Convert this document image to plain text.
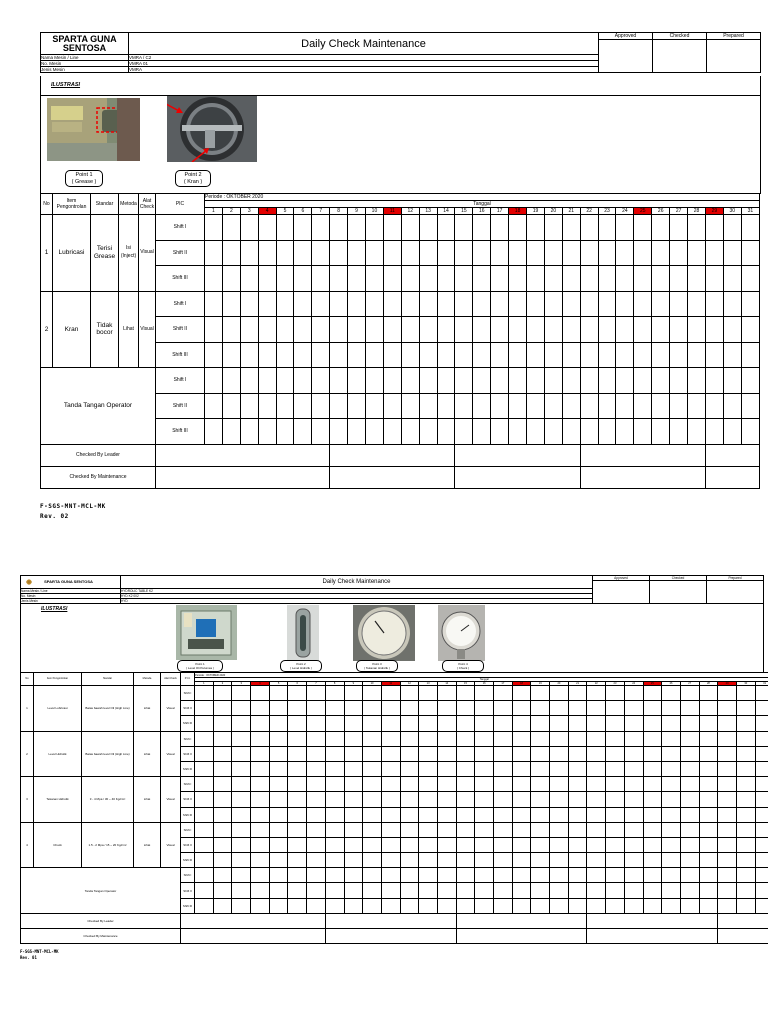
SPARTA GUNA SENTOSA	Daily Check Maintenance	Approved	Checked	Prepared

Nama Mesin / Line	VMRA / C2			
No. Mesin	VMRA 01			
Jenis Mesin	VMRA			
ILUSTRASI
Point 1
( Grease )
Point 2
( Kran )
No	Item Pengontrolan	Standar	Metoda	Alat Check	PIC	Periode : OKTOBER 2020																														
						Tanggal																														
						1	2	3	4	5	6	7	8	9	10	11	12	13	14	15	16	17	18	19	20	21	22	23	24	25	26	27	28	29	30	31
1	Lubricasi	Terisi Grease	Isi (Inject)	Visual	Shift I																															
					Shift II																															
					Shift III																															
2	Kran	Tidak bocor	Lihat	Visual	Shift I																															
					Shift II																															
					Shift III																															
Tanda Tangan Operator					Shift I																															
					Shift II																															
					Shift III																															
Checked By Leader																																				
Checked By Maintenance																																				
F-SGS-MNT-MCL-MK
Rev. 02
SPARTA GUNA SENTOSA	Daily Check Maintenance	Approved	Checked	Prepared

Nama Mesin / Line	HYDROLIC TABLE K2			
No. Mesin	HYD K2 002			
Jenis Mesin	HYD			
ILUSTRASI
Point 1
( Level Oli Pelumas )
Point 2
( Level Hidrolik )
Point 3
( Tekanan Hidrolik )
Point 4
( Chuck )
No	Item Pengontrolan	Standar	Metoda	Alat Check	P.I.C	Periode : OKTOBER 2020																														
						Tanggal																														
						1	2	3	4	5	6	7	8	9	10	11	12	13	14	15	16	17	18	19	20	21	22	23	24	25	26	27	28	29	30	31
1	Level Lubricasi	Batas bawah level Oli (High Line)	Lihat	Visual	Shift I																															
					Shift II																															
					Shift III																															
2	Level Hidrolik	Batas bawah level Oli (High Line)	Lihat	Visual	Shift I																															
					Shift II																															
					Shift III																															
3	Tekanan Hidrolik	3 - 4 Mpa / 30 ~ 40 Kg/cm²	Lihat	Visual	Shift I																															
					Shift II																															
					Shift III																															
4	Chuck	1.5 - 2 Mpa / 15 ~ 20 Kg/cm²	Lihat	Visual	Shift I																															
					Shift II																															
					Shift III																															
Tanda Tangan Operator					Shift I																															
					Shift II																															
					Shift III																															
Checked By Leader																																				
Checked By Maintenance																																				
F-SGS-MNT-MCL-MK
Rev. 01
